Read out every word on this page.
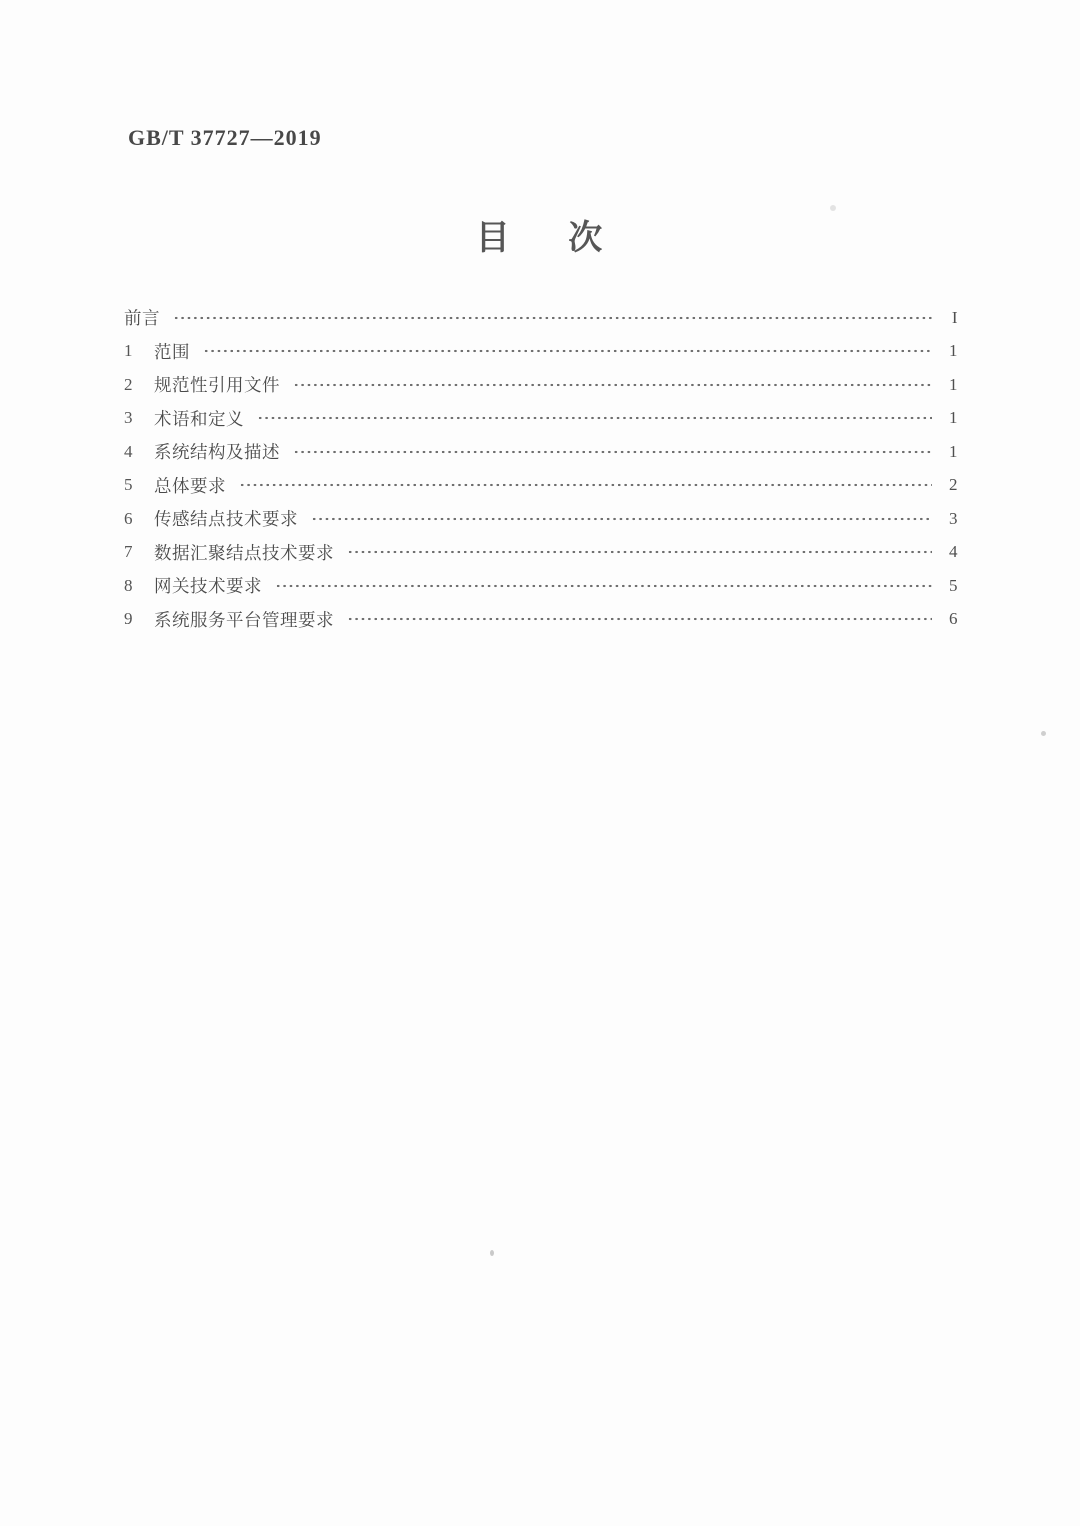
GB/T 37727—2019
目 次
前言	I
1	范围	1
2	规范性引用文件	1
3	术语和定义	1
4	系统结构及描述	1
5	总体要求	2
6	传感结点技术要求	3
7	数据汇聚结点技术要求	4
8	网关技术要求	5
9	系统服务平台管理要求	6
